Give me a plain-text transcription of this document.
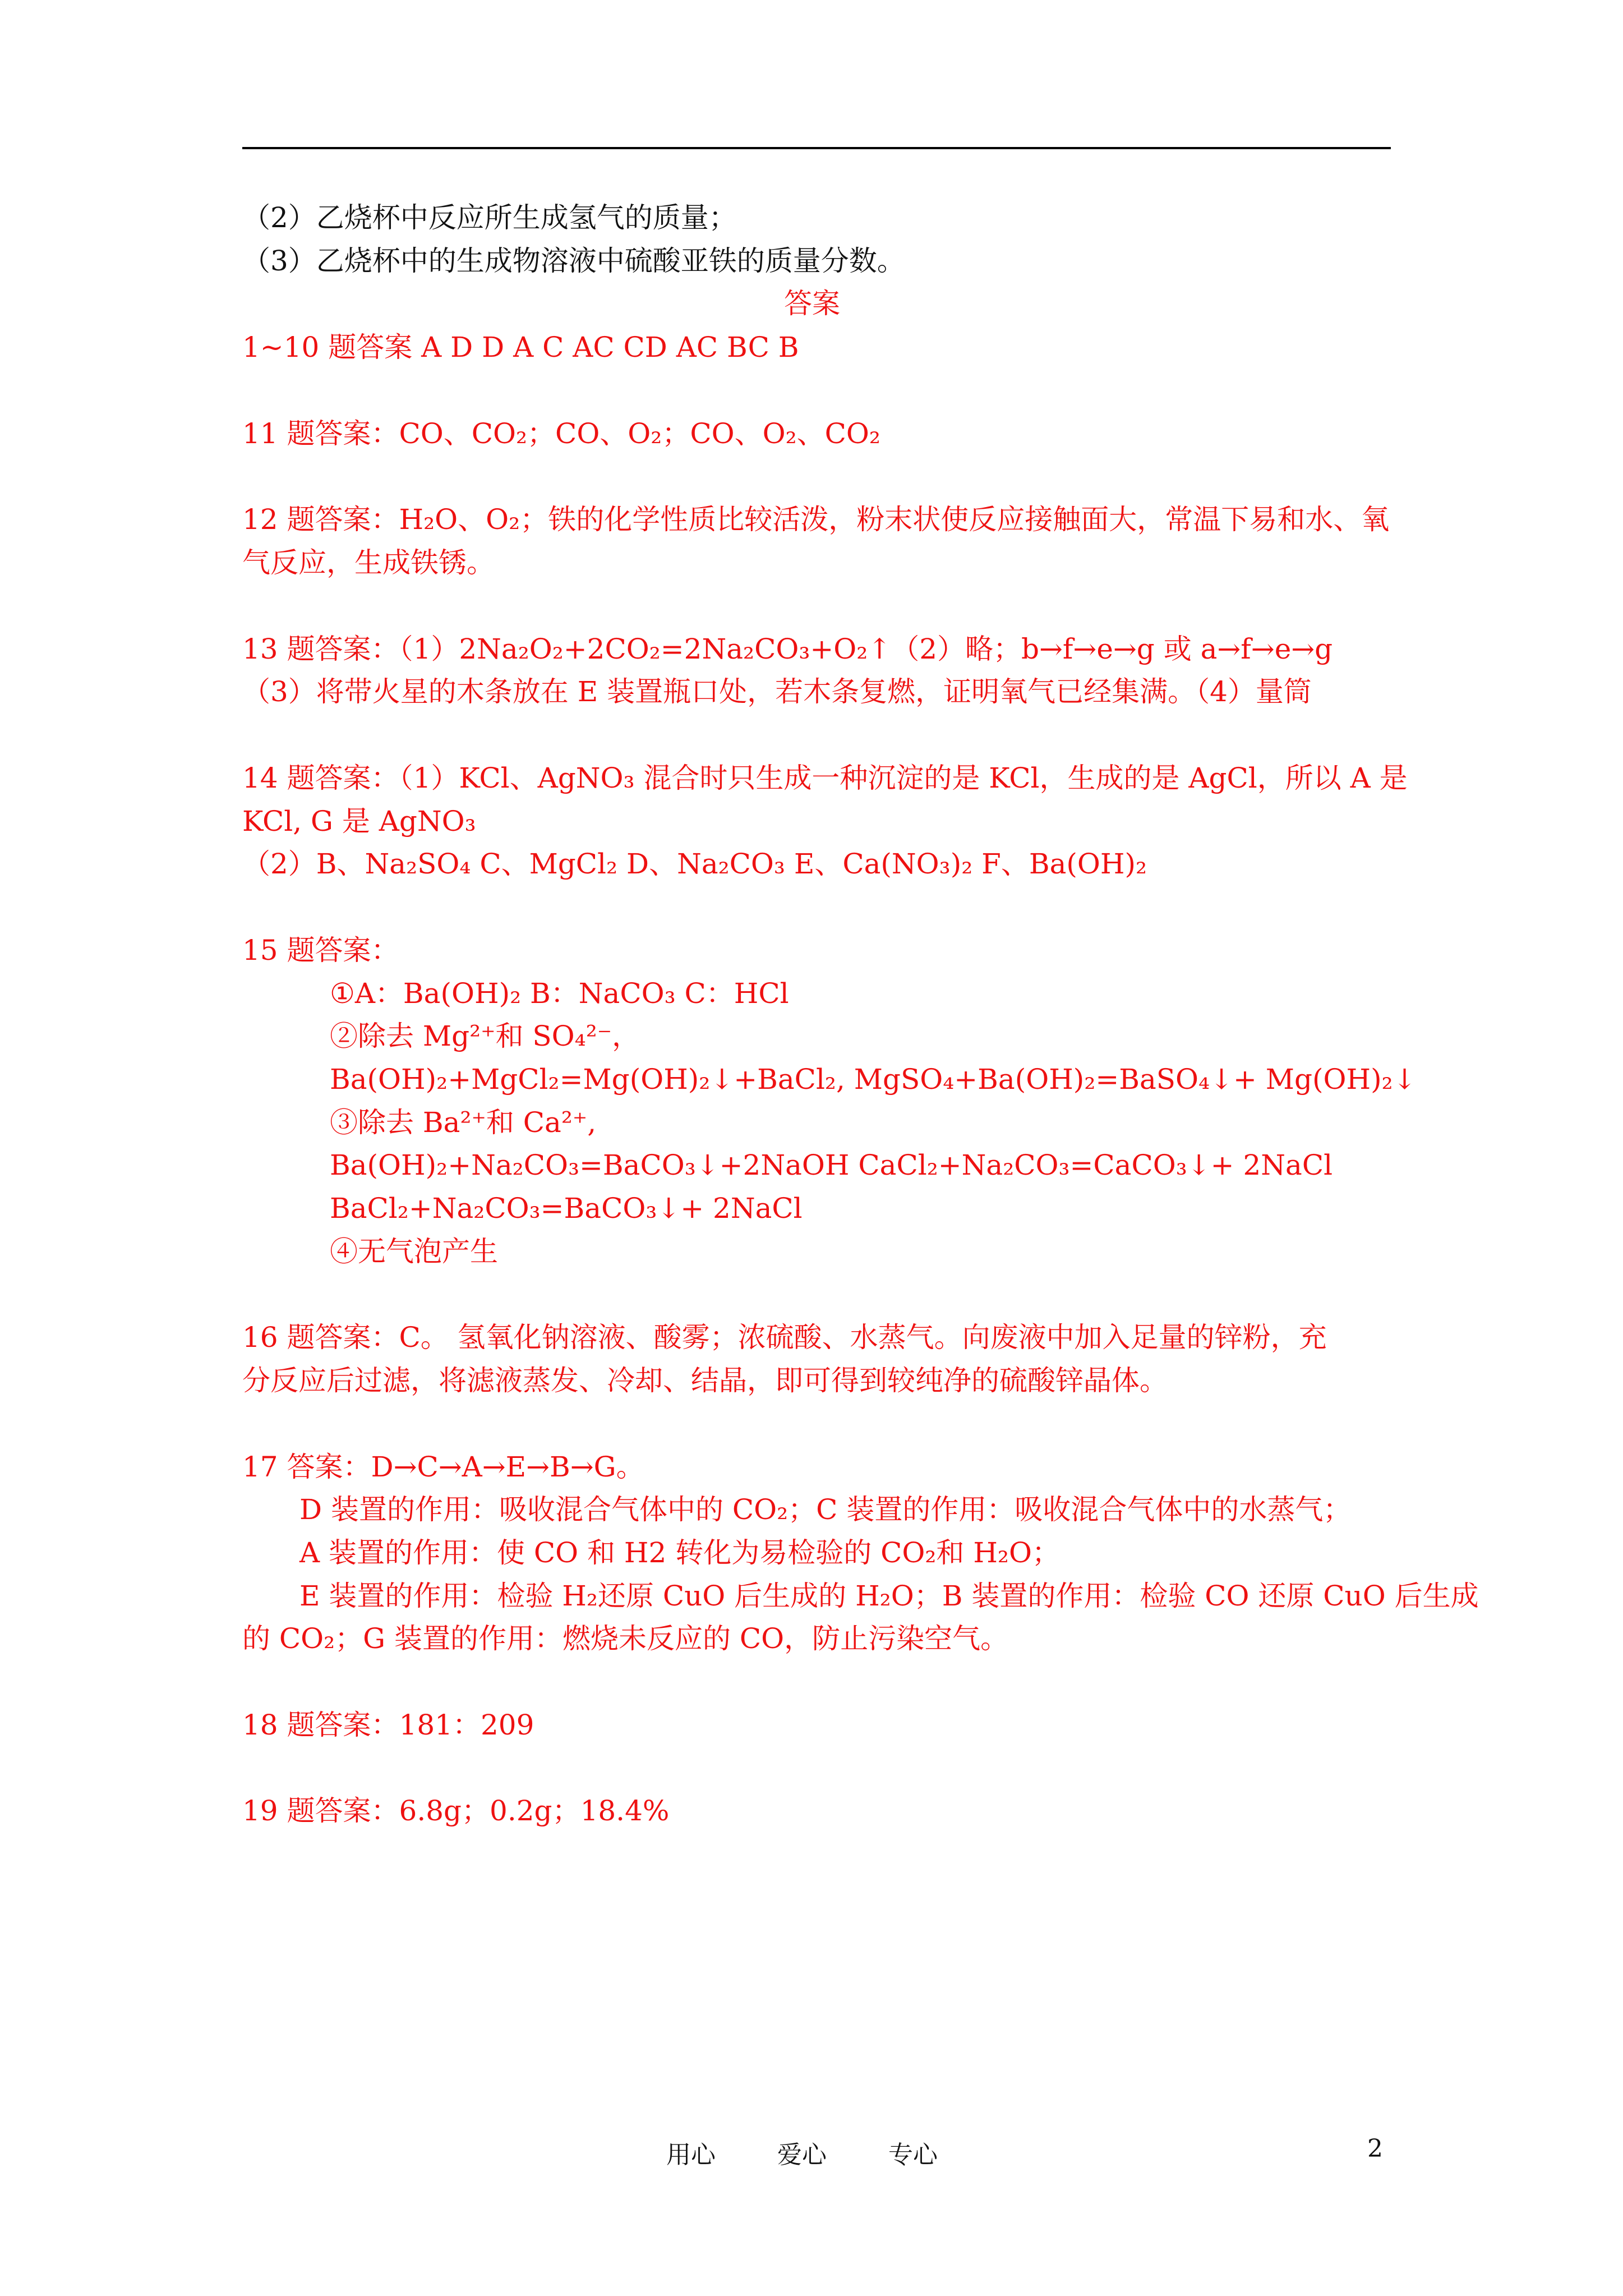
（2）乙烧杯中反应所生成氢气的质量；
（3）乙烧杯中的生成物溶液中硫酸亚铁的质量分数。
答案
1~10 题答案 A D D A C AC CD AC BC B
11 题答案：CO、CO₂；CO、O₂；CO、O₂、CO₂
12 题答案：H₂O、O₂；铁的化学性质比较活泼，粉末状使反应接触面大，常温下易和水、氧
气反应，生成铁锈。
13 题答案：（1）2Na₂O₂+2CO₂=2Na₂CO₃+O₂↑（2）略；b→f→e→g 或 a→f→e→g
（3）将带火星的木条放在 E 装置瓶口处，若木条复燃，证明氧气已经集满。（4）量筒
14 题答案：（1）KCl、AgNO₃ 混合时只生成一种沉淀的是 KCl，生成的是 AgCl，所以 A 是
KCl, G 是 AgNO₃
（2）B、Na₂SO₄ C、MgCl₂ D、Na₂CO₃ E、Ca(NO₃)₂ F、Ba(OH)₂
15 题答案：
①A：Ba(OH)₂ B：NaCO₃ C：HCl
②除去 Mg²⁺和 SO₄²⁻，
Ba(OH)₂+MgCl₂=Mg(OH)₂↓+BaCl₂, MgSO₄+Ba(OH)₂=BaSO₄↓+ Mg(OH)₂↓
③除去 Ba²⁺和 Ca²⁺,
Ba(OH)₂+Na₂CO₃=BaCO₃↓+2NaOH CaCl₂+Na₂CO₃=CaCO₃↓+ 2NaCl
BaCl₂+Na₂CO₃=BaCO₃↓+ 2NaCl
④无气泡产生
16 题答案：C。 氢氧化钠溶液、酸雾；浓硫酸、水蒸气。向废液中加入足量的锌粉，充
分反应后过滤，将滤液蒸发、冷却、结晶，即可得到较纯净的硫酸锌晶体。
17 答案：D→C→A→E→B→G。
D 装置的作用：吸收混合气体中的 CO₂；C 装置的作用：吸收混合气体中的水蒸气；
A 装置的作用：使 CO 和 H2 转化为易检验的 CO₂和 H₂O；
E 装置的作用：检验 H₂还原 CuO 后生成的 H₂O；B 装置的作用：检验 CO 还原 CuO 后生成
的 CO₂；G 装置的作用：燃烧未反应的 CO，防止污染空气。
18 题答案：181：209
19 题答案：6.8g；0.2g；18.4%
用心	爱心	专心	2
